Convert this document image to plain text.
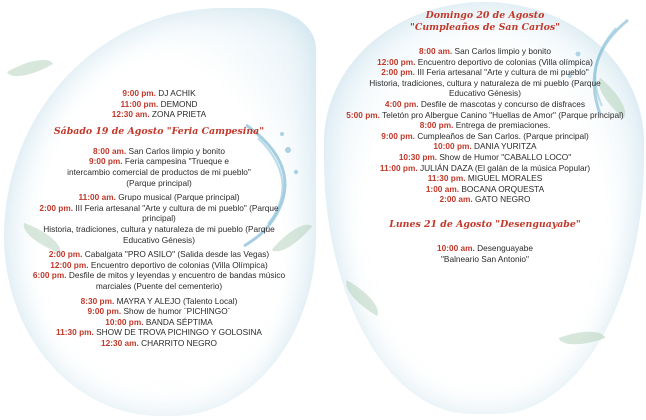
9:00 pm. DJ ACHIK
11:00 pm. DEMOND
12:30 am. ZONA PRIETA
Sábado 19 de Agosto "Feria Campesina"
8:00 am. San Carlos limpio y bonito
9:00 pm. Feria campesina "Trueque e
intercambio comercial de productos de mi pueblo"
(Parque principal)
11:00 am. Grupo musical (Parque principal)
2:00 pm. III Feria artesanal "Arte y cultura de mi pueblo" (Parque
principal)
Historia, tradiciones, cultura y naturaleza de mi pueblo (Parque
Educativo Génesis)
2:00 pm. Cabalgata "PRO ASILO" (Salida desde las Vegas)
12:00 pm. Encuentro deportivo de colonias (Villa Olímpica)
6:00 pm. Desfile de mitos y leyendas y encuentro de bandas músico
marciales (Puente del cementerio)
8:30 pm. MAYRA Y ALEJO (Talento Local)
9:00 pm. Show de humor ¨PICHINGO¨
10:00 pm. BANDA SÉPTIMA
11:30 pm. SHOW DE TROVA PICHINGO Y GOLOSINA
12:30 am. CHARRITO NEGRO
Domingo 20 de Agosto
"Cumpleaños de San Carlos"
8:00 am. San Carlos limpio y bonito
12:00 pm. Encuentro deportivo de colonias (Villa olímpica)
2:00 pm. III Feria artesanal "Arte y cultura de mi pueblo"
Historia, tradiciones, cultura y naturaleza de mi pueblo (Parque
Educativo Génesis)
4:00 pm. Desfile de mascotas y concurso de disfraces
5:00 pm. Teletón pro Albergue Canino "Huellas de Amor" (Parque principal)
8:00 pm. Entrega de premiaciones.
9:00 pm. Cumpleaños de San Carlos. (Parque principal)
10:00 pm. DANIA YURITZA
10:30 pm. Show de Humor "CABALLO LOCO"
11:00 pm. JULIÁN DAZA (El galán de la música Popular)
11:30 pm. MIGUEL MORALES
1:00 am. BOCANA ORQUESTA
2:00 am. GATO NEGRO
Lunes 21 de Agosto "Desenguayabe"
10:00 am. Desenguayabe
"Balneario San Antonio"
